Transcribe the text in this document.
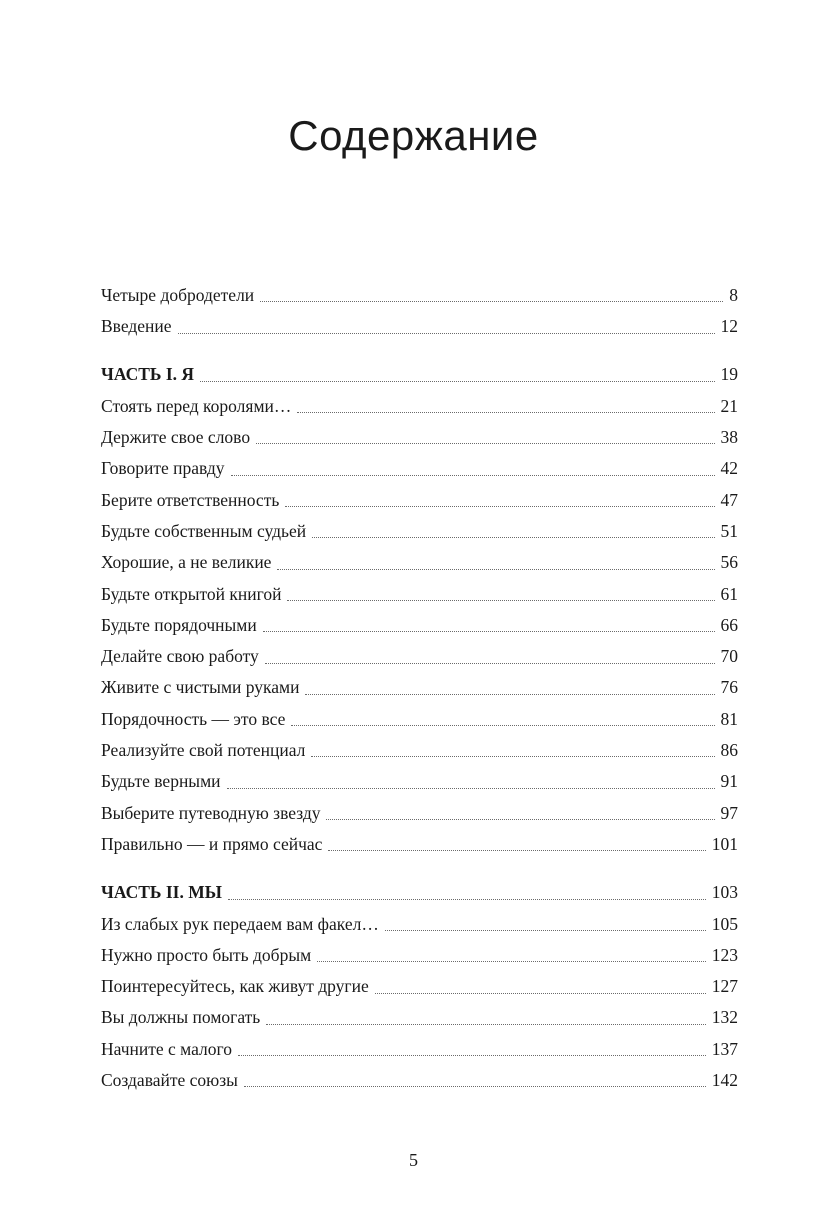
Содержание
Четыре добродетели	8
Введение	12
ЧАСТЬ I. Я	19
Стоять перед королями…	21
Держите свое слово	38
Говорите правду	42
Берите ответственность	47
Будьте собственным судьей	51
Хорошие, а не великие	56
Будьте открытой книгой	61
Будьте порядочными	66
Делайте свою работу	70
Живите с чистыми руками	76
Порядочность — это все	81
Реализуйте свой потенциал	86
Будьте верными	91
Выберите путеводную звезду	97
Правильно — и прямо сейчас	101
ЧАСТЬ II. МЫ	103
Из слабых рук передаем вам факел…	105
Нужно просто быть добрым	123
Поинтересуйтесь, как живут другие	127
Вы должны помогать	132
Начните с малого	137
Создавайте союзы	142
5
